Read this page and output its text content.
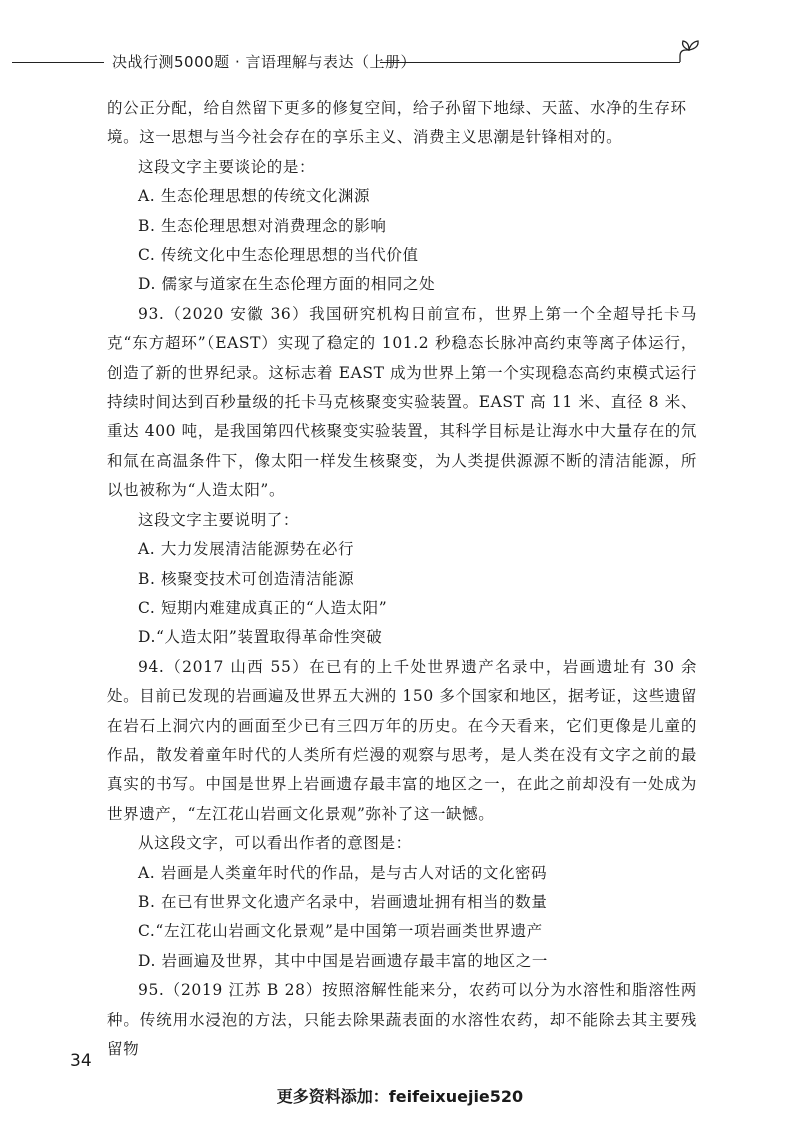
决战行测5000题 · 言语理解与表达（上册）

的公正分配，给自然留下更多的修复空间，给子孙留下地绿、天蓝、水净的生存环境。这一思想与当今社会存在的享乐主义、消费主义思潮是针锋相对的。

这段文字主要谈论的是：

A. 生态伦理思想的传统文化渊源

B. 生态伦理思想对消费理念的影响

C. 传统文化中生态伦理思想的当代价值

D. 儒家与道家在生态伦理方面的相同之处

93.（2020 安徽 36）我国研究机构日前宣布，世界上第一个全超导托卡马克“东方超环”（EAST）实现了稳定的 101.2 秒稳态长脉冲高约束等离子体运行，创造了新的世界纪录。这标志着 EAST 成为世界上第一个实现稳态高约束模式运行持续时间达到百秒量级的托卡马克核聚变实验装置。EAST 高 11 米、直径 8 米、重达 400 吨，是我国第四代核聚变实验装置，其科学目标是让海水中大量存在的氘和氚在高温条件下，像太阳一样发生核聚变，为人类提供源源不断的清洁能源，所以也被称为“人造太阳”。

这段文字主要说明了：

A. 大力发展清洁能源势在必行

B. 核聚变技术可创造清洁能源

C. 短期内难建成真正的“人造太阳”

D.“人造太阳”装置取得革命性突破

94.（2017 山西 55）在已有的上千处世界遗产名录中，岩画遗址有 30 余处。目前已发现的岩画遍及世界五大洲的 150 多个国家和地区，据考证，这些遗留在岩石上洞穴内的画面至少已有三四万年的历史。在今天看来，它们更像是儿童的作品，散发着童年时代的人类所有烂漫的观察与思考，是人类在没有文字之前的最真实的书写。中国是世界上岩画遗存最丰富的地区之一，在此之前却没有一处成为世界遗产，“左江花山岩画文化景观”弥补了这一缺憾。

从这段文字，可以看出作者的意图是：

A. 岩画是人类童年时代的作品，是与古人对话的文化密码

B. 在已有世界文化遗产名录中，岩画遗址拥有相当的数量

C.“左江花山岩画文化景观”是中国第一项岩画类世界遗产

D. 岩画遍及世界，其中中国是岩画遗存最丰富的地区之一

95.（2019 江苏 B 28）按照溶解性能来分，农药可以分为水溶性和脂溶性两种。传统用水浸泡的方法，只能去除果蔬表面的水溶性农药，却不能除去其主要残留物

34
更多资料添加：feifeixuejie520
